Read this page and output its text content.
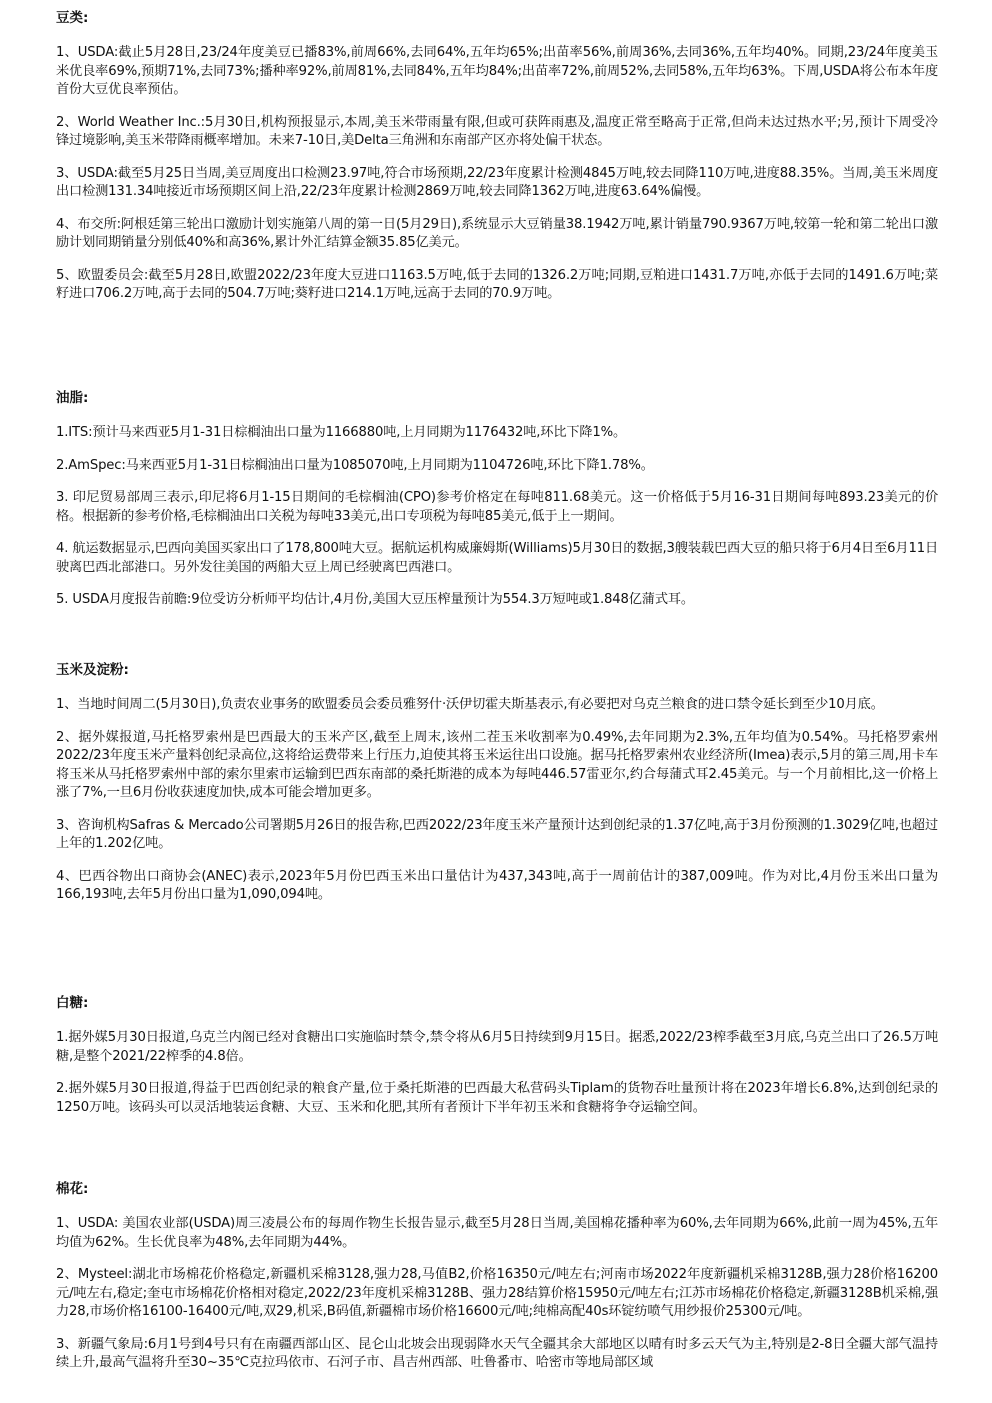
豆类:

1、USDA:截止5月28日,23/24年度美豆已播83%,前周66%,去同64%,五年均65%;出苗率56%,前周36%,去同36%,五年均40%。同期,23/24年度美玉米优良率69%,预期71%,去同73%;播种率92%,前周81%,去同84%,五年均84%;出苗率72%,前周52%,去同58%,五年均63%。下周,USDA将公布本年度首份大豆优良率预估。

2、World Weather Inc.:5月30日,机构预报显示,本周,美玉米带雨量有限,但或可获阵雨惠及,温度正常至略高于正常,但尚未达过热水平;另,预计下周受冷锋过境影响,美玉米带降雨概率增加。未来7-10日,美Delta三角洲和东南部产区亦将处偏干状态。

3、USDA:截至5月25日当周,美豆周度出口检测23.97吨,符合市场预期,22/23年度累计检测4845万吨,较去同降110万吨,进度88.35%。当周,美玉米周度出口检测131.34吨接近市场预期区间上沿,22/23年度累计检测2869万吨,较去同降1362万吨,进度63.64%偏慢。

4、布交所:阿根廷第三轮出口激励计划实施第八周的第一日(5月29日),系统显示大豆销量38.1942万吨,累计销量790.9367万吨,较第一轮和第二轮出口激励计划同期销量分别低40%和高36%,累计外汇结算金额35.85亿美元。

5、欧盟委员会:截至5月28日,欧盟2022/23年度大豆进口1163.5万吨,低于去同的1326.2万吨;同期,豆粕进口1431.7万吨,亦低于去同的1491.6万吨;菜籽进口706.2万吨,高于去同的504.7万吨;葵籽进口214.1万吨,远高于去同的70.9万吨。

油脂:

1.ITS:预计马来西亚5月1-31日棕榈油出口量为1166880吨,上月同期为1176432吨,环比下降1%。

2.AmSpec:马来西亚5月1-31日棕榈油出口量为1085070吨,上月同期为1104726吨,环比下降1.78%。

3. 印尼贸易部周三表示,印尼将6月1-15日期间的毛棕榈油(CPO)参考价格定在每吨811.68美元。这一价格低于5月16-31日期间每吨893.23美元的价格。根据新的参考价格,毛棕榈油出口关税为每吨33美元,出口专项税为每吨85美元,低于上一期间。

4. 航运数据显示,巴西向美国买家出口了178,800吨大豆。据航运机构威廉姆斯(Williams)5月30日的数据,3艘装载巴西大豆的船只将于6月4日至6月11日驶离巴西北部港口。另外发往美国的两船大豆上周已经驶离巴西港口。

5. USDA月度报告前瞻:9位受访分析师平均估计,4月份,美国大豆压榨量预计为554.3万短吨或1.848亿蒲式耳。

玉米及淀粉:

1、当地时间周二(5月30日),负责农业事务的欧盟委员会委员雅努什·沃伊切霍夫斯基表示,有必要把对乌克兰粮食的进口禁令延长到至少10月底。

2、据外媒报道,马托格罗索州是巴西最大的玉米产区,截至上周末,该州二茬玉米收割率为0.49%,去年同期为2.3%,五年均值为0.54%。马托格罗索州2022/23年度玉米产量料创纪录高位,这将给运费带来上行压力,迫使其将玉米运往出口设施。据马托格罗索州农业经济所(Imea)表示,5月的第三周,用卡车将玉米从马托格罗索州中部的索尔里索市运输到巴西东南部的桑托斯港的成本为每吨446.57雷亚尔,约合每蒲式耳2.45美元。与一个月前相比,这一价格上涨了7%,一旦6月份收获速度加快,成本可能会增加更多。

3、咨询机构Safras & Mercado公司署期5月26日的报告称,巴西2022/23年度玉米产量预计达到创纪录的1.37亿吨,高于3月份预测的1.3029亿吨,也超过上年的1.202亿吨。

4、巴西谷物出口商协会(ANEC)表示,2023年5月份巴西玉米出口量估计为437,343吨,高于一周前估计的387,009吨。作为对比,4月份玉米出口量为166,193吨,去年5月份出口量为1,090,094吨。

白糖:

1.据外媒5月30日报道,乌克兰内阁已经对食糖出口实施临时禁令,禁令将从6月5日持续到9月15日。据悉,2022/23榨季截至3月底,乌克兰出口了26.5万吨糖,是整个2021/22榨季的4.8倍。

2.据外媒5月30日报道,得益于巴西创纪录的粮食产量,位于桑托斯港的巴西最大私营码头Tiplam的货物吞吐量预计将在2023年增长6.8%,达到创纪录的1250万吨。该码头可以灵活地装运食糖、大豆、玉米和化肥,其所有者预计下半年初玉米和食糖将争夺运输空间。

棉花:

1、USDA: 美国农业部(USDA)周三凌晨公布的每周作物生长报告显示,截至5月28日当周,美国棉花播种率为60%,去年同期为66%,此前一周为45%,五年均值为62%。生长优良率为48%,去年同期为44%。

2、Mysteel:湖北市场棉花价格稳定,新疆机采棉3128,强力28,马值B2,价格16350元/吨左右;河南市场2022年度新疆机采棉3128B,强力28价格16200元/吨左右,稳定;奎屯市场棉花价格相对稳定,2022/23年度机采棉3128B、强力28结算价格15950元/吨左右;江苏市场棉花价格稳定,新疆3128B机采棉,强力28,市场价格16100-16400元/吨,双29,机采,B码值,新疆棉市场价格16600元/吨;纯棉高配40s环锭纺喷气用纱报价25300元/吨。

3、新疆气象局:6月1号到4号只有在南疆西部山区、昆仑山北坡会出现弱降水天气全疆其余大部地区以晴有时多云天气为主,特别是2-8日全疆大部气温持续上升,最高气温将升至30~35℃克拉玛依市、石河子市、昌吉州西部、吐鲁番市、哈密市等地局部区域
